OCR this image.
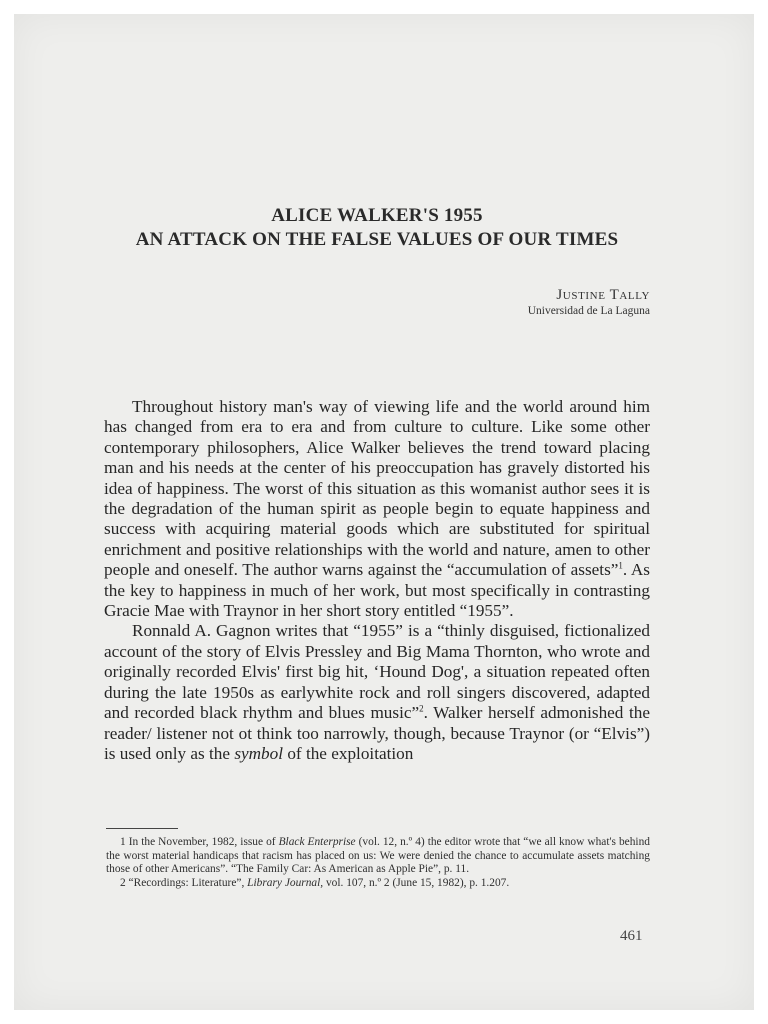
ALICE WALKER'S 1955

AN ATTACK ON THE FALSE VALUES OF OUR TIMES

Justine Tally
Universidad de La Laguna

Throughout history man's way of viewing life and the world around him has changed from era to era and from culture to culture. Like some other contemporary philosophers, Alice Walker believes the trend toward placing man and his needs at the center of his preoccupation has gravely distorted his idea of happiness. The worst of this situation as this womanist author sees it is the degradation of the human spirit as people begin to equate happiness and success with acquiring material goods which are substituted for spiritual enrichment and positive relationships with the world and nature, amen to other people and oneself. The author warns against the “accumulation of assets”$^1$. As the key to happiness in much of her work, but most specifically in contrasting Gracie Mae with Traynor in her short story entitled “1955”.

Ronnald A. Gagnon writes that “1955” is a “thinly disguised, fictionalized account of the story of Elvis Pressley and Big Mama Thornton, who wrote and originally recorded Elvis' first big hit, ‘Hound Dog', a situation repeated often during the late 1950s as earlywhite rock and roll singers discovered, adapted and recorded black rhythm and blues music”$^2$. Walker herself admonished the reader/ listener not ot think too narrowly, though, because Traynor (or “Elvis”) is used only as the symbol of the exploitation

1 In the November, 1982, issue of Black Enterprise (vol. 12, n.º 4) the editor wrote that “we all know what's behind the worst material handicaps that racism has placed on us: We were denied the chance to accumulate assets matching those of other Americans”. “The Family Car: As American as Apple Pie”, p. 11.

2 “Recordings: Literature”, Library Journal, vol. 107, n.º 2 (June 15, 1982), p. 1.207.

461
